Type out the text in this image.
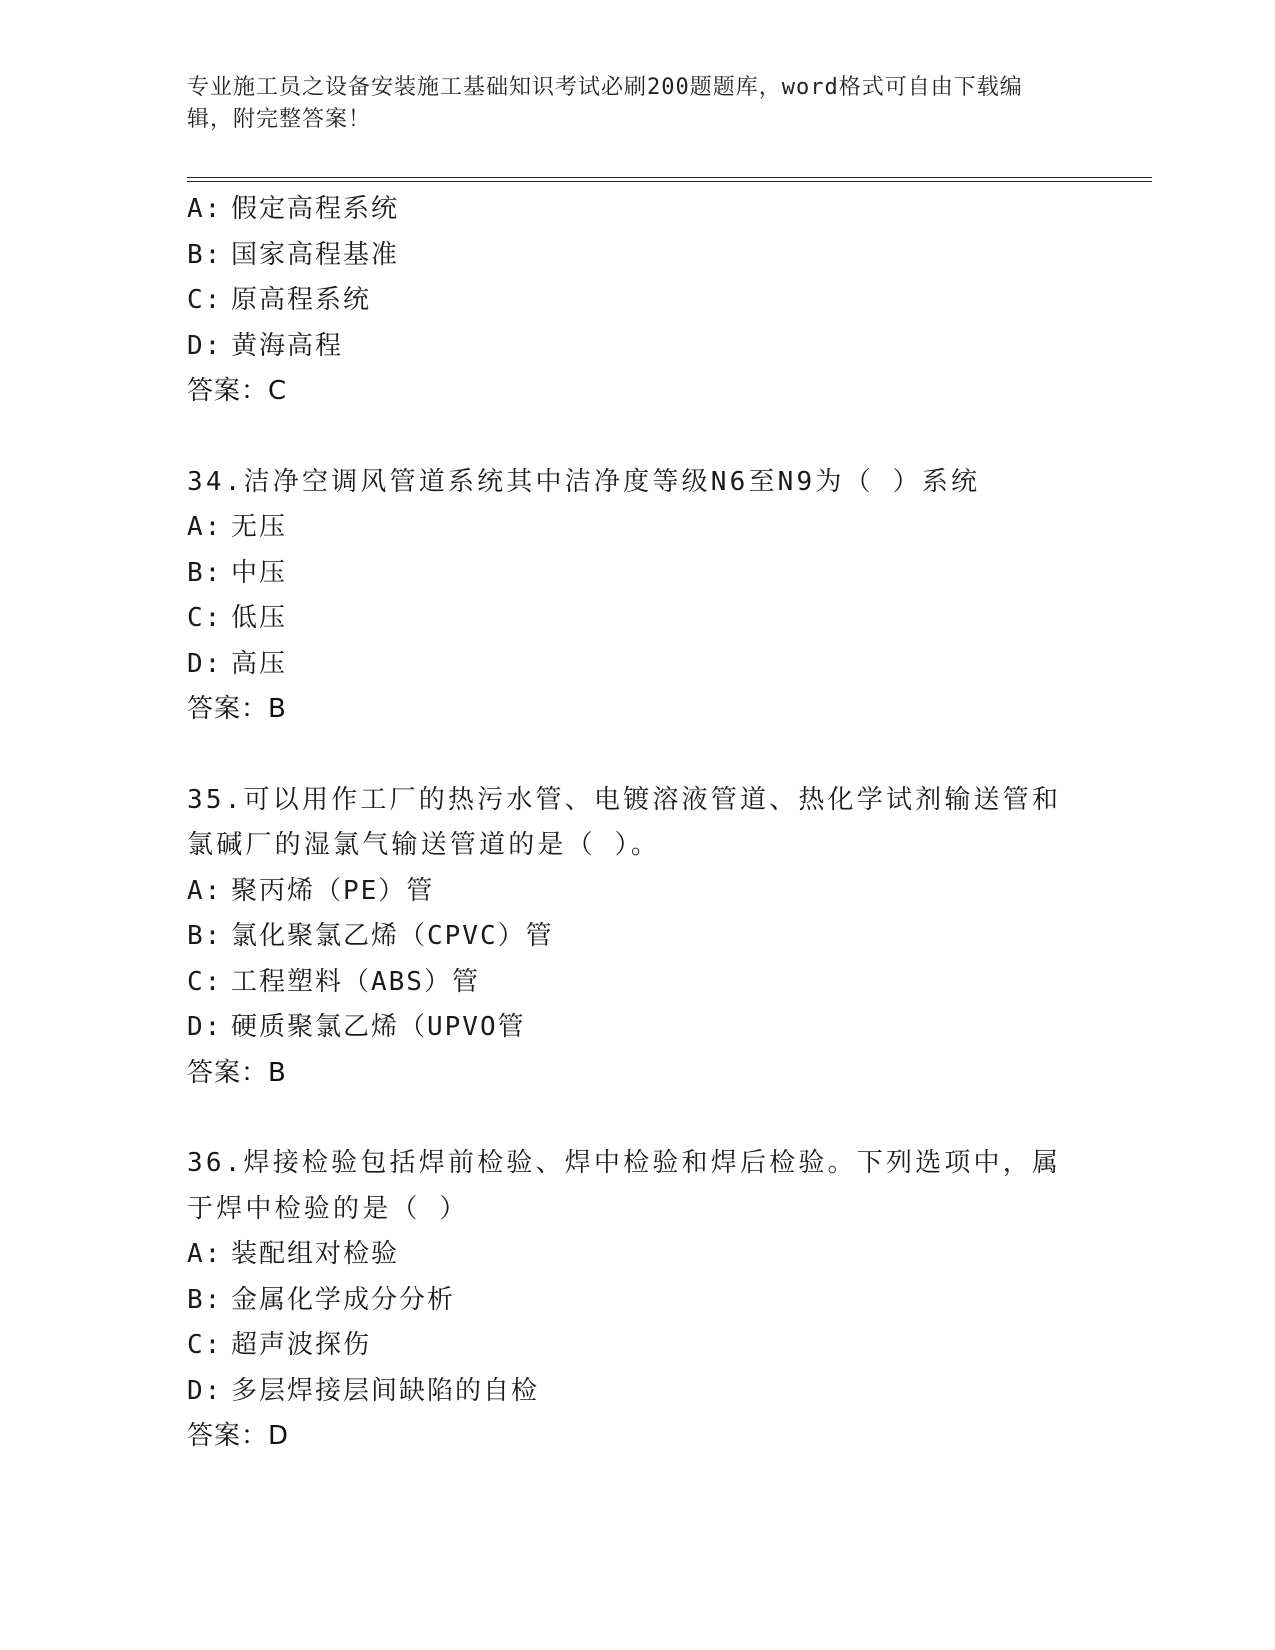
专业施工员之设备安装施工基础知识考试必刷200题题库，word格式可自由下载编辑，附完整答案！
A: 假定高程系统
B: 国家高程基准
C: 原高程系统
D: 黄海高程
答案：C
34.洁净空调风管道系统其中洁净度等级N6至N9为（ ）系统
A: 无压
B: 中压
C: 低压
D: 高压
答案：B
35.可以用作工厂的热污水管、电镀溶液管道、热化学试剂输送管和氯碱厂的湿氯气输送管道的是（ ）。
A: 聚丙烯（PE）管
B: 氯化聚氯乙烯（CPVC）管
C: 工程塑料（ABS）管
D: 硬质聚氯乙烯（UPVO管
答案：B
36.焊接检验包括焊前检验、焊中检验和焊后检验。下列选项中，属于焊中检验的是（ ）
A: 装配组对检验
B: 金属化学成分分析
C: 超声波探伤
D: 多层焊接层间缺陷的自检
答案：D
